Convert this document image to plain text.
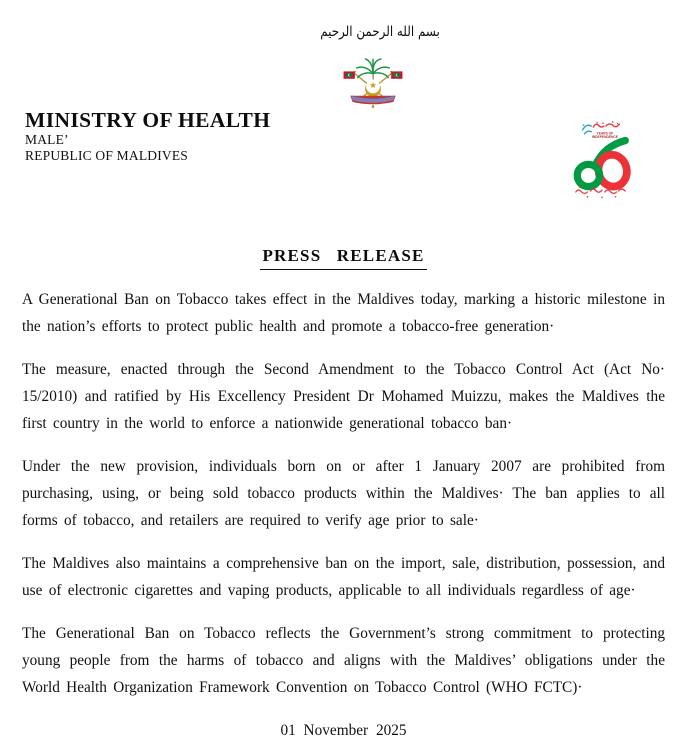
بسم الله الرحمن الرحيم
MINISTRY OF HEALTH
MALE’
REPUBLIC OF MALDIVES
YEARS OF
INDEPENDENCE
PRESS RELEASE

A Generational Ban on Tobacco takes effect in the Maldives today, marking a historic milestone in the nation’s efforts to protect public health and promote a tobacco-free generation·

The measure, enacted through the Second Amendment to the Tobacco Control Act (Act No· 15/2010) and ratified by His Excellency President Dr Mohamed Muizzu, makes the Maldives the first country in the world to enforce a nationwide generational tobacco ban·

Under the new provision, individuals born on or after 1 January 2007 are prohibited from purchasing, using, or being sold tobacco products within the Maldives· The ban applies to all forms of tobacco, and retailers are required to verify age prior to sale·

The Maldives also maintains a comprehensive ban on the import, sale, distribution, possession, and use of electronic cigarettes and vaping products, applicable to all individuals regardless of age·

The Generational Ban on Tobacco reflects the Government’s strong commitment to protecting young people from the harms of tobacco and aligns with the Maldives’ obligations under the World Health Organization Framework Convention on Tobacco Control (WHO FCTC)·

01 November 2025
